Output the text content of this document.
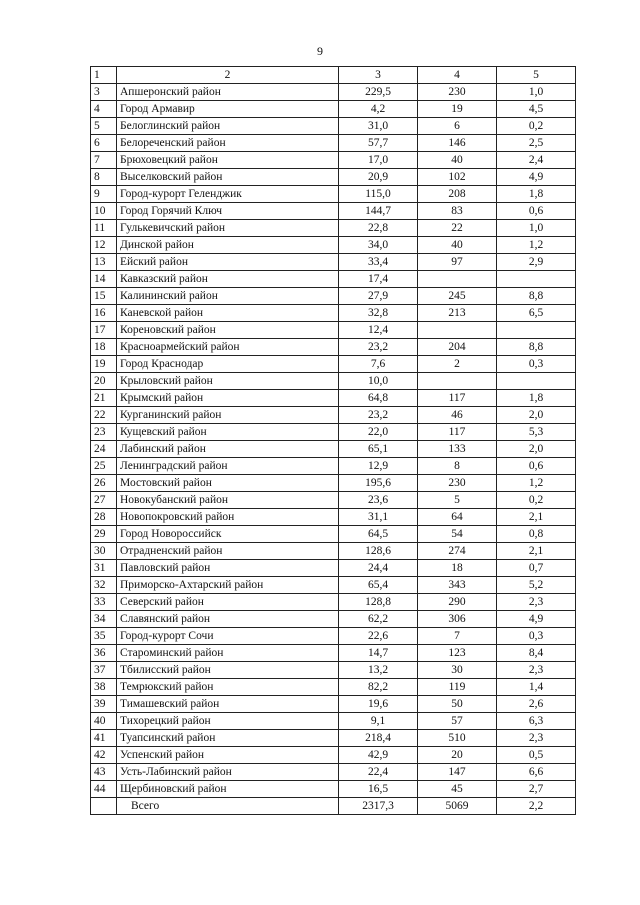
9
1	2	3	4	5
3	Апшеронский район	229,5	230	1,0
4	Город Армавир	4,2	19	4,5
5	Белоглинский район	31,0	6	0,2
6	Белореченский район	57,7	146	2,5
7	Брюховецкий район	17,0	40	2,4
8	Выселковский район	20,9	102	4,9
9	Город-курорт Геленджик	115,0	208	1,8
10	Город Горячий Ключ	144,7	83	0,6
11	Гулькевичский район	22,8	22	1,0
12	Динской район	34,0	40	1,2
13	Ейский район	33,4	97	2,9
14	Кавказский район	17,4		
15	Калининский район	27,9	245	8,8
16	Каневской район	32,8	213	6,5
17	Кореновский район	12,4		
18	Красноармейский район	23,2	204	8,8
19	Город Краснодар	7,6	2	0,3
20	Крыловский район	10,0		
21	Крымский район	64,8	117	1,8
22	Курганинский район	23,2	46	2,0
23	Кущевский район	22,0	117	5,3
24	Лабинский район	65,1	133	2,0
25	Ленинградский район	12,9	8	0,6
26	Мостовский район	195,6	230	1,2
27	Новокубанский район	23,6	5	0,2
28	Новопокровский район	31,1	64	2,1
29	Город Новороссийск	64,5	54	0,8
30	Отрадненский район	128,6	274	2,1
31	Павловский район	24,4	18	0,7
32	Приморско-Ахтарский район	65,4	343	5,2
33	Северский район	128,8	290	2,3
34	Славянский район	62,2	306	4,9
35	Город-курорт Сочи	22,6	7	0,3
36	Староминский район	14,7	123	8,4
37	Тбилисский район	13,2	30	2,3
38	Темрюкский район	82,2	119	1,4
39	Тимашевский район	19,6	50	2,6
40	Тихорецкий район	9,1	57	6,3
41	Туапсинский район	218,4	510	2,3
42	Успенский район	42,9	20	0,5
43	Усть-Лабинский район	22,4	147	6,6
44	Щербиновский район	16,5	45	2,7
	Всего	2317,3	5069	2,2
